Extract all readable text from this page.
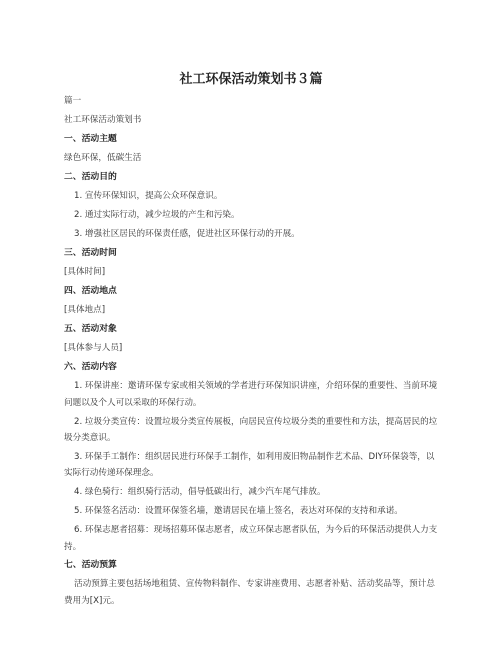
社工环保活动策划书３篇
篇一
社工环保活动策划书
一、活动主题
绿色环保，低碳生活
二、活动目的
1. 宣传环保知识，提高公众环保意识。
2. 通过实际行动，减少垃圾的产生和污染。
3. 增强社区居民的环保责任感，促进社区环保行动的开展。
三、活动时间
[具体时间]
四、活动地点
[具体地点]
五、活动对象
[具体参与人员]
六、活动内容
1. 环保讲座：邀请环保专家或相关领域的学者进行环保知识讲座，介绍环保的重要性、当前环境问题以及个人可以采取的环保行动。
2. 垃圾分类宣传：设置垃圾分类宣传展板，向居民宣传垃圾分类的重要性和方法，提高居民的垃圾分类意识。
3. 环保手工制作：组织居民进行环保手工制作，如利用废旧物品制作艺术品、DIY环保袋等，以实际行动传递环保理念。
4. 绿色骑行：组织骑行活动，倡导低碳出行，减少汽车尾气排放。
5. 环保签名活动：设置环保签名墙，邀请居民在墙上签名，表达对环保的支持和承诺。
6. 环保志愿者招募：现场招募环保志愿者，成立环保志愿者队伍，为今后的环保活动提供人力支持。
七、活动预算
活动预算主要包括场地租赁、宣传物料制作、专家讲座费用、志愿者补贴、活动奖品等，预计总费用为[X]元。
